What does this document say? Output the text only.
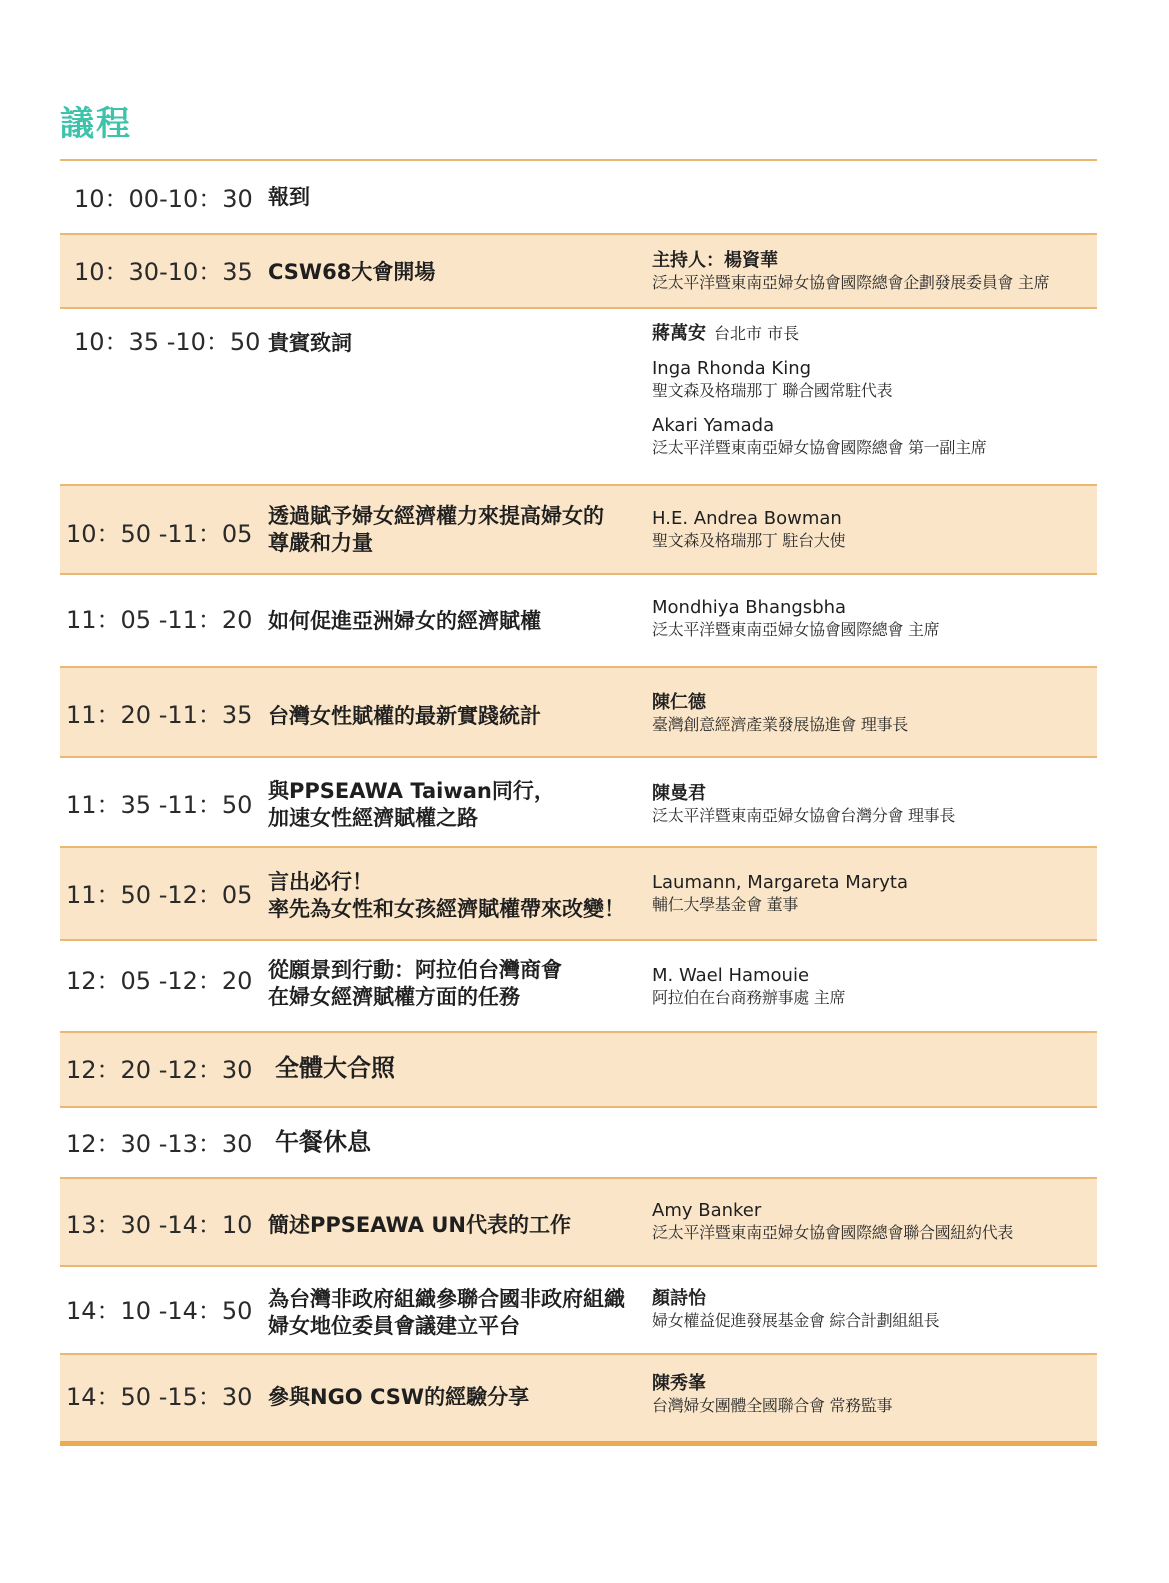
議程
10：00-10：30 報到
10：30-10：35 CSW68大會開場	主持人：楊資華
泛太平洋暨東南亞婦女協會國際總會企劃發展委員會 主席
10：35 -10：50 貴賓致詞	蔣萬安 台北市 市長
Inga Rhonda King
聖文森及格瑞那丁 聯合國常駐代表
Akari Yamada
泛太平洋暨東南亞婦女協會國際總會 第一副主席
10：50 -11：05
透過賦予婦女經濟權力來提高婦女的
尊嚴和力量
H.E. Andrea Bowman
聖文森及格瑞那丁 駐台大使
11：05 -11：20 如何促進亞洲婦女的經濟賦權
Mondhiya Bhangsbha
泛太平洋暨東南亞婦女協會國際總會 主席
11：20 -11：35 台灣女性賦權的最新實踐統計
陳仁德
臺灣創意經濟產業發展協進會 理事長
11：35 -11：50 與PPSEAWA Taiwan同行，
加速女性經濟賦權之路
陳曼君
泛太平洋暨東南亞婦女協會台灣分會 理事長
11：50 -12：05 言出必行！
率先為女性和女孩經濟賦權帶來改變！
Laumann, Margareta Maryta
輔仁大學基金會 董事
12：05 -12：20 從願景到行動：阿拉伯台灣商會
在婦女經濟賦權方面的任務
M. Wael Hamouie
阿拉伯在台商務辦事處 主席
12：20 -12：30 全體大合照
12：30 -13：30 午餐休息
13：30 -14：10 簡述PPSEAWA UN代表的工作
Amy Banker
泛太平洋暨東南亞婦女協會國際總會聯合國紐約代表
14：10 -14：50 為台灣非政府組織參聯合國非政府組織
婦女地位委員會議建立平台
顏詩怡
婦女權益促進發展基金會 綜合計劃組組長
14：50 -15：30 參與NGO CSW的經驗分享
陳秀峯
台灣婦女團體全國聯合會 常務監事
